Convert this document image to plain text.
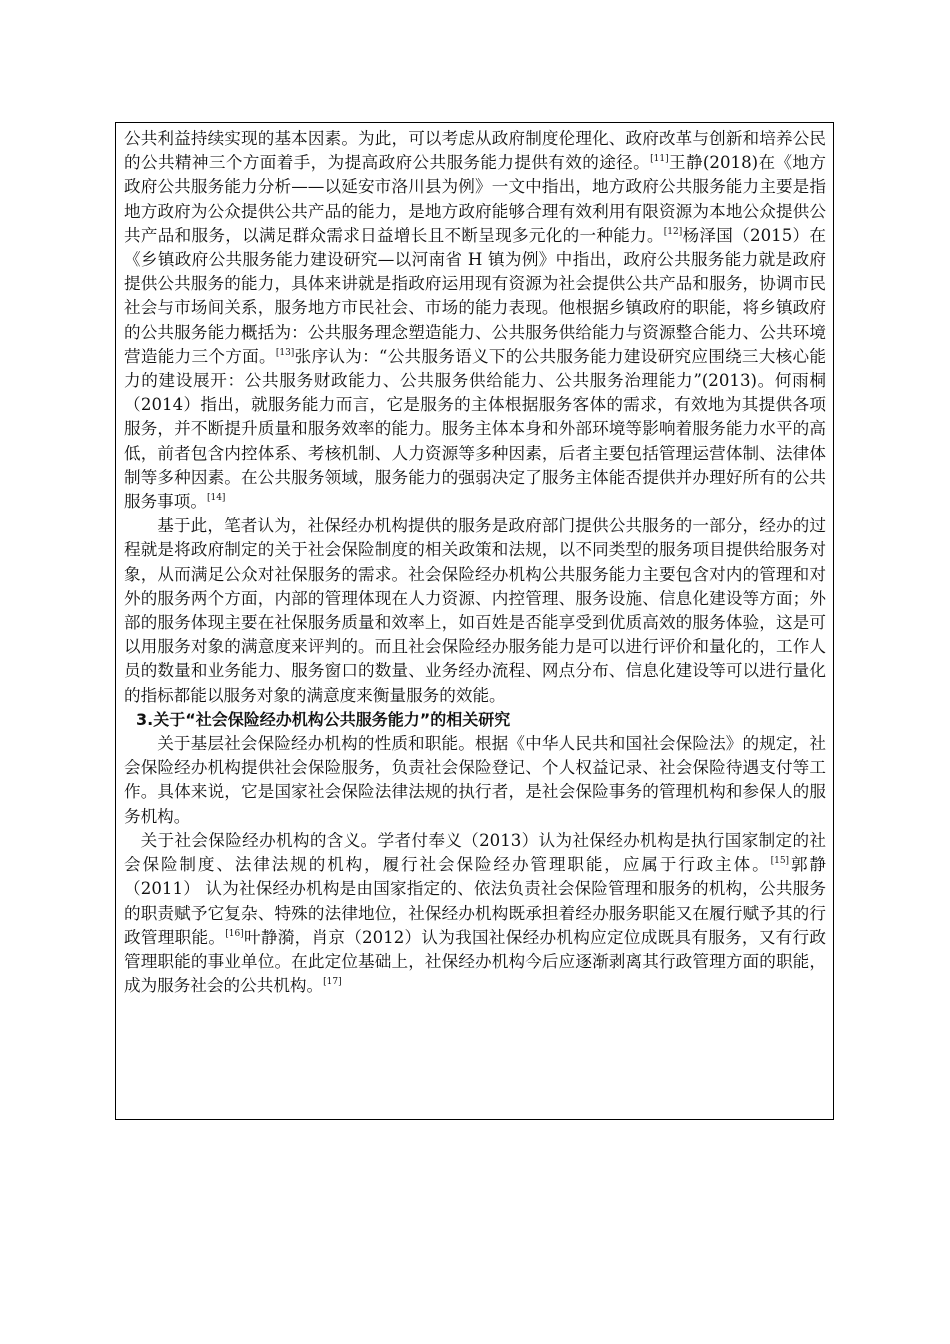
公共利益持续实现的基本因素。为此，可以考虑从政府制度伦理化、政府改革与创新和培养公民的公共精神三个方面着手，为提高政府公共服务能力提供有效的途径。[11]王静(2018)在《地方政府公共服务能力分析——以延安市洛川县为例》一文中指出，地方政府公共服务能力主要是指地方政府为公众提供公共产品的能力，是地方政府能够合理有效利用有限资源为本地公众提供公共产品和服务，以满足群众需求日益增长且不断呈现多元化的一种能力。[12]杨泽国（2015）在《乡镇政府公共服务能力建设研究—以河南省 H 镇为例》中指出，政府公共服务能力就是政府提供公共服务的能力，具体来讲就是指政府运用现有资源为社会提供公共产品和服务，协调市民社会与市场间关系，服务地方市民社会、市场的能力表现。他根据乡镇政府的职能，将乡镇政府的公共服务能力概括为：公共服务理念塑造能力、公共服务供给能力与资源整合能力、公共环境营造能力三个方面。[13]张序认为：“公共服务语义下的公共服务能力建设研究应围绕三大核心能力的建设展开：公共服务财政能力、公共服务供给能力、公共服务治理能力”(2013)。何雨桐（2014）指出，就服务能力而言，它是服务的主体根据服务客体的需求，有效地为其提供各项服务，并不断提升质量和服务效率的能力。服务主体本身和外部环境等影响着服务能力水平的高低，前者包含内控体系、考核机制、人力资源等多种因素，后者主要包括管理运营体制、法律体制等多种因素。在公共服务领域，服务能力的强弱决定了服务主体能否提供并办理好所有的公共服务事项。[14]

基于此，笔者认为，社保经办机构提供的服务是政府部门提供公共服务的一部分，经办的过程就是将政府制定的关于社会保险制度的相关政策和法规，以不同类型的服务项目提供给服务对象，从而满足公众对社保服务的需求。社会保险经办机构公共服务能力主要包含对内的管理和对外的服务两个方面，内部的管理体现在人力资源、内控管理、服务设施、信息化建设等方面；外部的服务体现主要在社保服务质量和效率上，如百姓是否能享受到优质高效的服务体验，这是可以用服务对象的满意度来评判的。而且社会保险经办服务能力是可以进行评价和量化的，工作人员的数量和业务能力、服务窗口的数量、业务经办流程、网点分布、信息化建设等可以进行量化的指标都能以服务对象的满意度来衡量服务的效能。

3.关于“社会保险经办机构公共服务能力”的相关研究

关于基层社会保险经办机构的性质和职能。根据《中华人民共和国社会保险法》的规定，社会保险经办机构提供社会保险服务，负责社会保险登记、个人权益记录、社会保险待遇支付等工作。具体来说，它是国家社会保险法律法规的执行者，是社会保险事务的管理机构和参保人的服务机构。

关于社会保险经办机构的含义。学者付奉义（2013）认为社保经办机构是执行国家制定的社会保险制度、法律法规的机构，履行社会保险经办管理职能，应属于行政主体。[15]郭静（2011） 认为社保经办机构是由国家指定的、依法负责社会保险管理和服务的机构，公共服务的职责赋予它复杂、特殊的法律地位，社保经办机构既承担着经办服务职能又在履行赋予其的行政管理职能。[16]叶静漪，肖京（2012）认为我国社保经办机构应定位成既具有服务，又有行政管理职能的事业单位。在此定位基础上，社保经办机构今后应逐渐剥离其行政管理方面的职能，成为服务社会的公共机构。[17]
